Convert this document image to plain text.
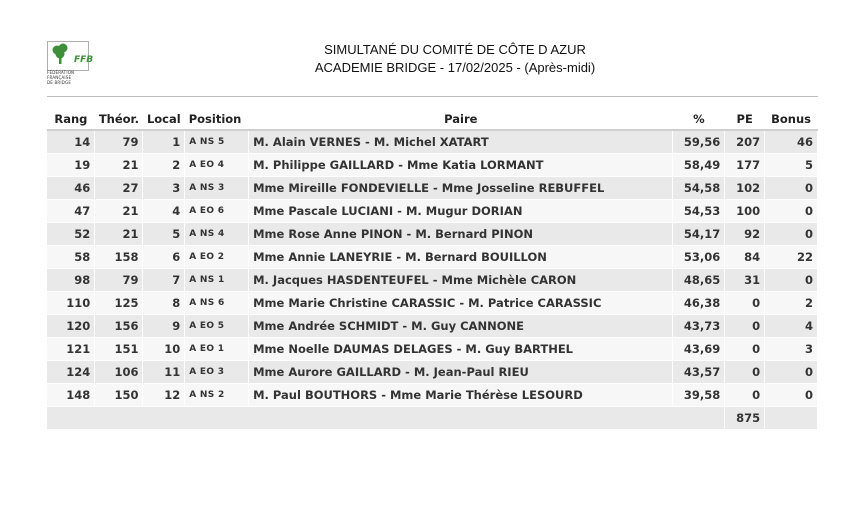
FFB
FÉDÉRATION
FRANÇAISE
DE BRIDGE
SIMULTANÉ DU COMITÉ DE CÔTE D AZUR
ACADEMIE BRIDGE - 17/02/2025 - (Après-midi)
Rang	Théor.	Local	Position	Paire	%	PE	Bonus
14	79	1	A NS 5	M. Alain VERNES - M. Michel XATART	59,56	207	46
19	21	2	A EO 4	M. Philippe GAILLARD - Mme Katia LORMANT	58,49	177	5
46	27	3	A NS 3	Mme Mireille FONDEVIELLE - Mme Josseline REBUFFEL	54,58	102	0
47	21	4	A EO 6	Mme Pascale LUCIANI - M. Mugur DORIAN	54,53	100	0
52	21	5	A NS 4	Mme Rose Anne PINON - M. Bernard PINON	54,17	92	0
58	158	6	A EO 2	Mme Annie LANEYRIE - M. Bernard BOUILLON	53,06	84	22
98	79	7	A NS 1	M. Jacques HASDENTEUFEL - Mme Michèle CARON	48,65	31	0
110	125	8	A NS 6	Mme Marie Christine CARASSIC - M. Patrice CARASSIC	46,38	0	2
120	156	9	A EO 5	Mme Andrée SCHMIDT - M. Guy CANNONE	43,73	0	4
121	151	10	A EO 1	Mme Noelle DAUMAS DELAGES - M. Guy BARTHEL	43,69	0	3
124	106	11	A EO 3	Mme Aurore GAILLARD - M. Jean-Paul RIEU	43,57	0	0
148	150	12	A NS 2	M. Paul BOUTHORS - Mme Marie Thérèse LESOURD	39,58	0	0
						875	
